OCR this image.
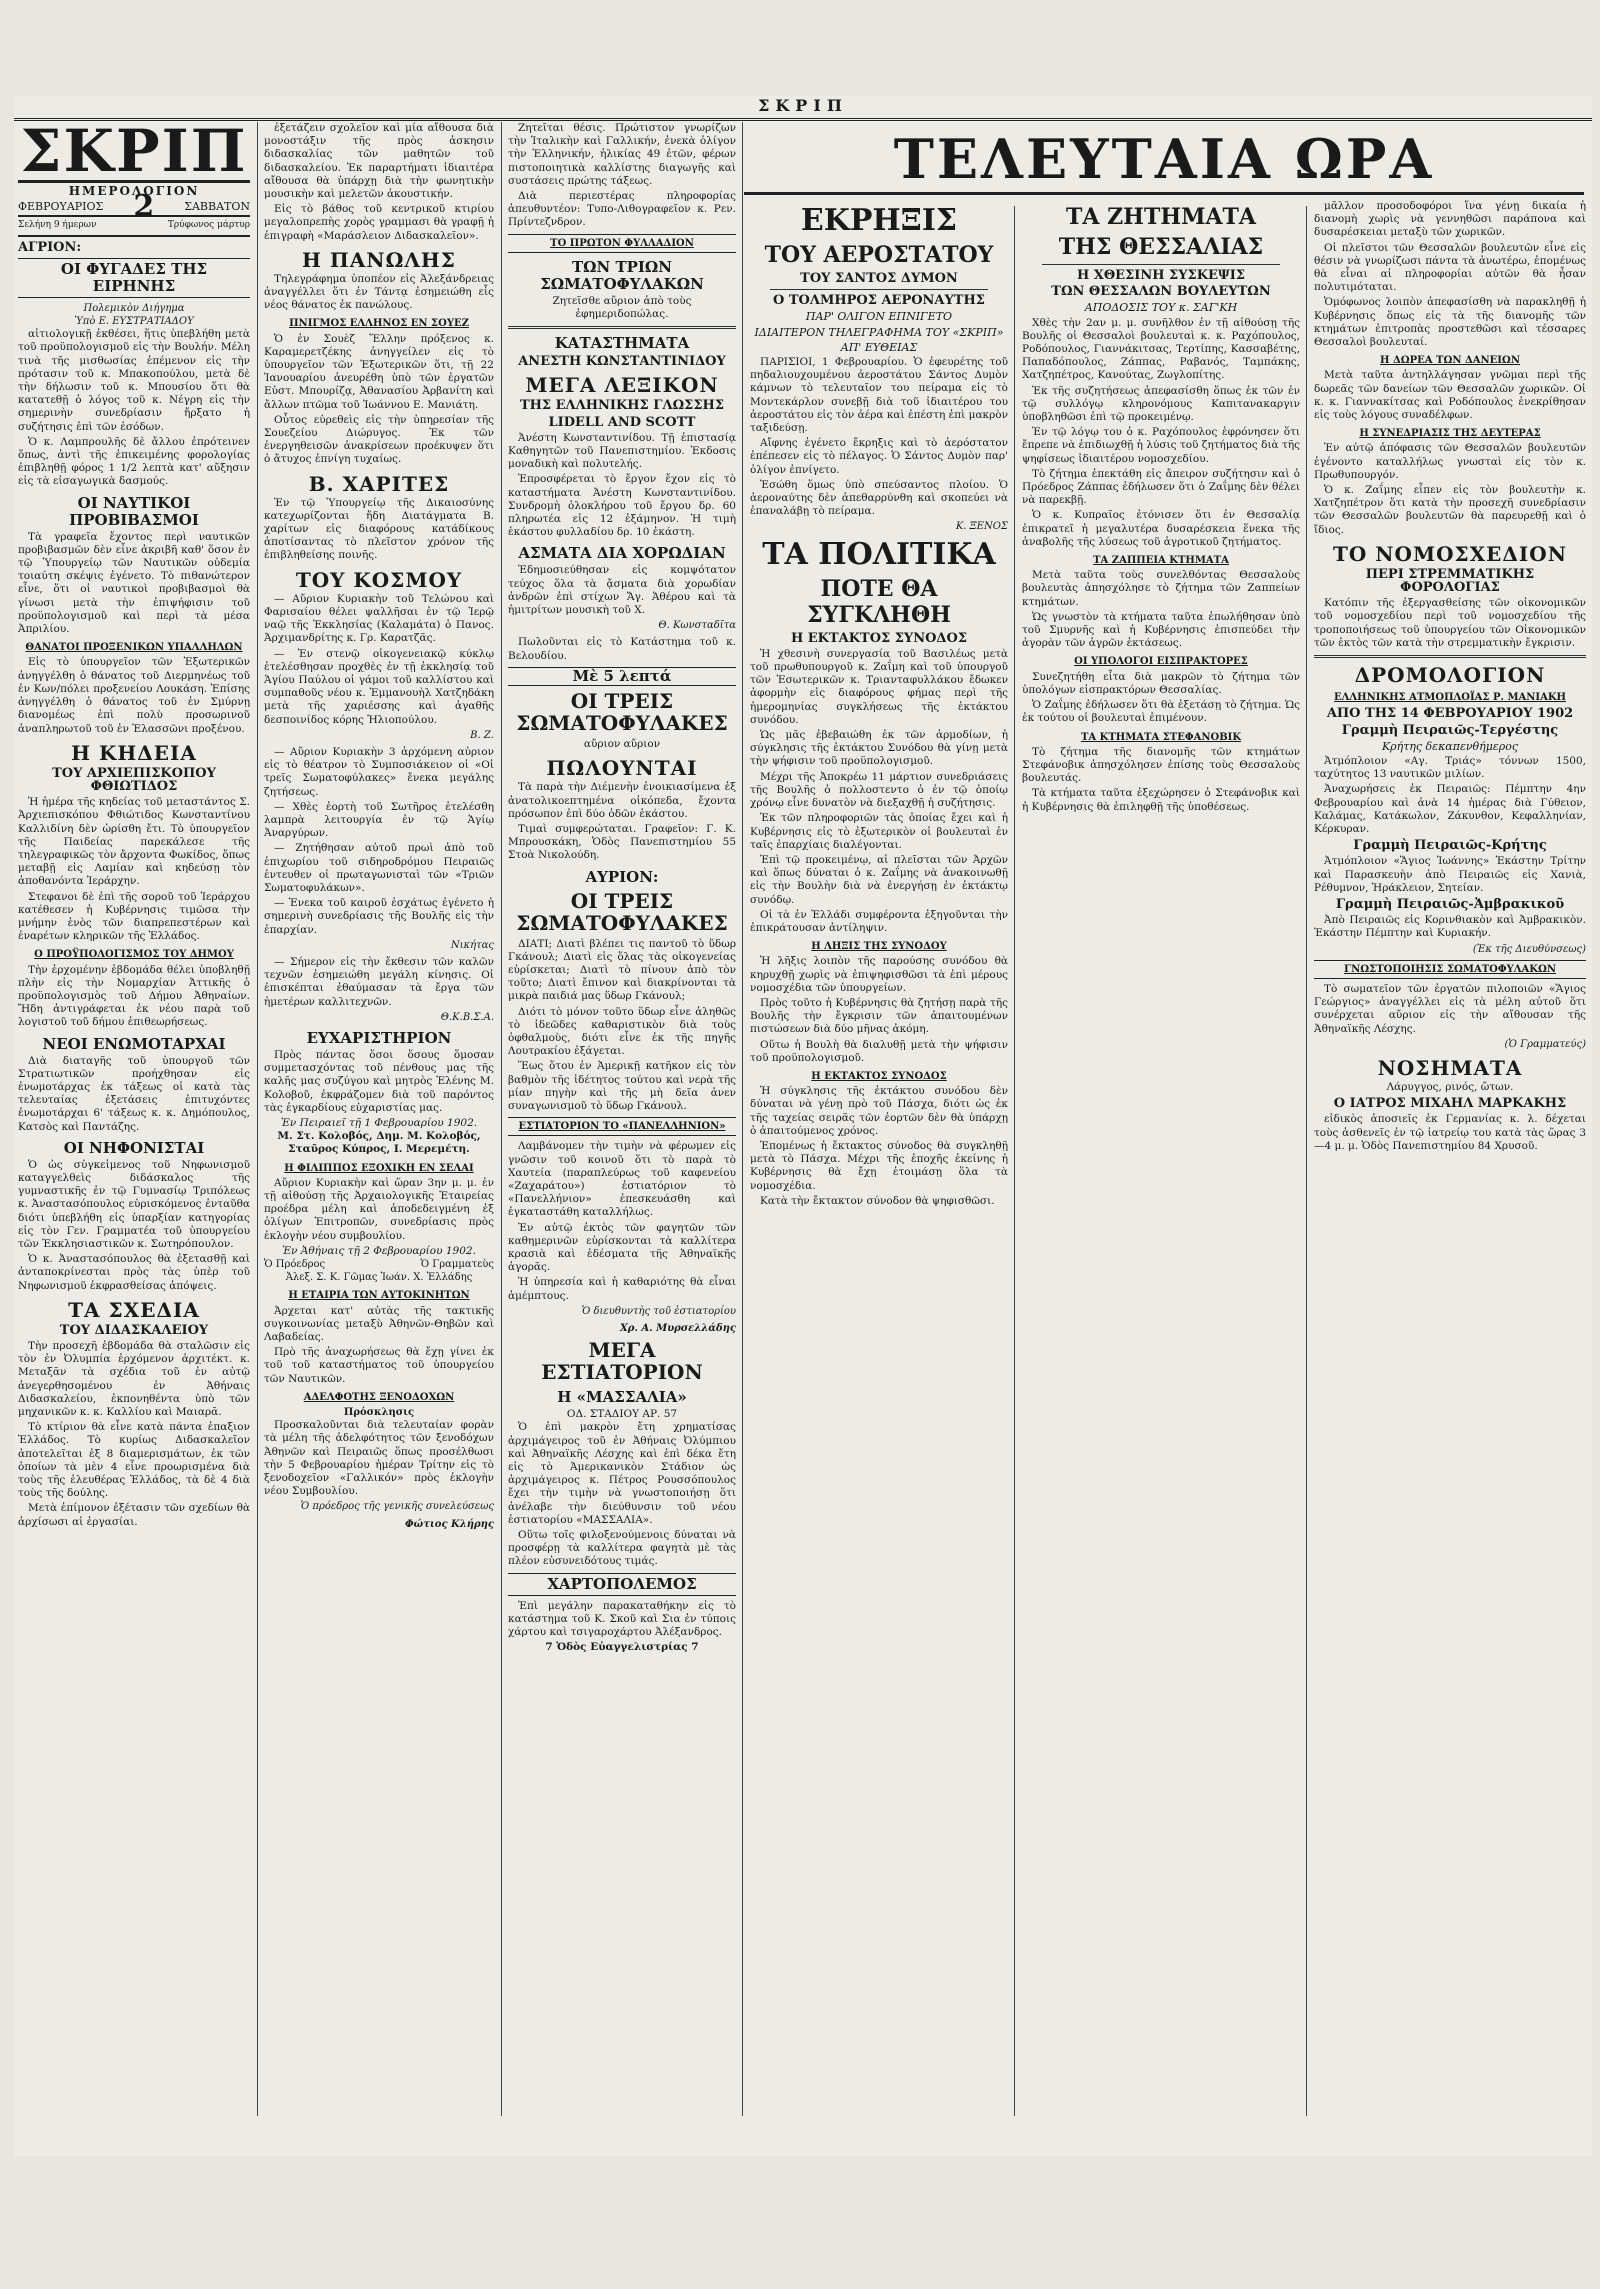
ΣΚΡΙΠ
ΣΚΡΙΠ
ΗΜΕΡΟΛΟΓΙΟΝ
ΦΕΒΡΟΥΑΡΙΟΣ 2	ΣΑΒΒΑΤΟΝ
Σελήνη 9 ήμερων	Τρύφωνος μάρτυρ
ΑΓΡΙΟΝ:
ΟΙ ΦΥΓΑΔΕΣ ΤΗΣ ΕΙΡΗΝΗΣ
Πολεμικὸν Διήγημα
Ὑπὸ Ε. ΕΥΣΤΡΑΤΙΑΔΟΥ

αἰτιολογικῇ ἐκθέσει, ἥτις ὑπεβλήθη μετὰ τοῦ προϋπολογισμοῦ εἰς τὴν Βουλήν. Μέλη τινὰ τῆς μισθωσίας ἐπέμενον εἰς τὴν πρότασιν τοῦ κ. Μπακοπούλου, μετὰ δὲ τὴν δήλωσιν τοῦ κ. Μπουσίου ὅτι θὰ κατατεθῇ ὁ λόγος τοῦ κ. Νέγρη εἰς τὴν σημερινὴν συνεδρίασιν ἤρξατο ἡ συζήτησις ἐπὶ τῶν ἐσόδων.

Ὁ κ. Λαμπρουλῆς δὲ ἄλλου ἐπρότεινεν ὅπως, ἀντὶ τῆς ἐπικειμένης φορολογίας ἐπιβληθῇ φόρος 1 1/2 λεπτὰ κατ' αὔξησιν εἰς τὰ εἰσαγωγικὰ δασμούς.

ΟΙ ΝΑΥΤΙΚΟΙ ΠΡΟΒΙΒΑΣΜΟΙ

Τὰ γραφεῖα ἔχοντος περὶ ναυτικῶν προβιβασμῶν δὲν εἶνε ἀκριβῆ καθ' ὅσον ἐν τῷ Ὑπουργείῳ τῶν Ναυτικῶν οὐδεμία τοιαύτη σκέψις ἐγένετο. Τὸ πιθανώτερον εἶνε, ὅτι οἱ ναυτικοὶ προβιβασμοὶ θὰ γίνωσι μετὰ τὴν ἐπιψήφισιν τοῦ προϋπολογισμοῦ καὶ περὶ τὰ μέσα Ἀπριλίου.

ΘΑΝΑΤΟΙ ΠΡΟΞΕΝΙΚΩΝ ΥΠΑΛΛΗΛΩΝ

Εἰς τὸ ὑπουργεῖον τῶν Ἐξωτερικῶν ἀνηγγέλθη ὁ θάνατος τοῦ Διερμηνέως τοῦ ἐν Κων/πόλει προξενείου Λουκάση. Ἐπίσης ἀνηγγέλθη ὁ θάνατος τοῦ ἐν Σμύρνῃ διανομέως ἐπὶ πολὺ προσωρινοῦ ἀναπληρωτοῦ τοῦ ἐν Ἐλασσῶνι προξένου.

Η ΚΗΔΕΙΑ
ΤΟΥ ΑΡΧΙΕΠΙΣΚΟΠΟΥ ΦΘΙΩΤΙΔΟΣ

Ἡ ἡμέρα τῆς κηδείας τοῦ μεταστάντος Σ. Ἀρχιεπισκόπου Φθιώτιδος Κωνσταντίνου Καλλιδίνη δὲν ὡρίσθη ἔτι. Τὸ ὑπουργεῖον τῆς Παιδείας παρεκάλεσε τῆς τηλεγραφικῶς τὸν ἄρχοντα Φωκίδος, ὅπως μεταβῇ εἰς Λαμίαν καὶ κηδεύσῃ τὸν ἀποθανόντα Ἱεράρχην.

Στεφανοι δὲ ἐπὶ τῆς σοροῦ τοῦ Ἱεράρχου κατέθεσεν ἡ Κυβέρνησις τιμῶσα τὴν μνήμην ἑνὸς τῶν διαπρεπεστέρων καὶ ἐναρέτων κληρικῶν τῆς Ἑλλάδος.

Ο ΠΡΟΫΠΟΛΟΓΙΣΜΟΣ ΤΟΥ ΔΗΜΟΥ

Τὴν ἐρχομένην ἑβδομάδα θέλει ὑποβληθῇ πλὴν εἰς τὴν Νομαρχίαν Ἀττικῆς ὁ προϋπολογισμὸς τοῦ Δήμου Ἀθηναίων. Ἤδη ἀντιγράφεται ἐκ νέου παρὰ τοῦ λογιστοῦ τοῦ δήμου ἐπιθεωρήσεως.

ΝΕΟΙ ΕΝΩΜΟΤΑΡΧΑΙ

Διὰ διαταγῆς τοῦ ὑπουργοῦ τῶν Στρατιωτικῶν προήχθησαν εἰς ἐνωμοτάρχας ἐκ τάξεως οἱ κατὰ τὰς τελευταίας ἐξετάσεις ἐπιτυχόντες ἐνωμοτάρχαι 6' τάξεως κ. κ. Δημόπουλος, Κατσὸς καὶ Παντάζης.

ΟΙ ΝΗΦΟΝΙΣΤΑΙ

Ὁ ὡς σὑγκεἰμενος τοῦ Νηφωνισμοῦ καταγγελθεὶς διδάσκαλος τῆς γυμναστικῆς ἐν τῷ Γυμνασίῳ Τριπόλεως κ. Ἀναστασόπουλος εὑρισκόμενος ἐνταῦθα διότι ὑπεβλήθη εἰς ὑπαρξίαν κατηγορίας εἰς τὸν Γεν. Γραμματέα τοῦ ὑπουργείου τῶν Ἐκκλησιαστικῶν κ. Σωτηρόπουλον.

Ὁ κ. Ἀναστασόπουλος θὰ ἐξετασθῇ καὶ ἀνταποκρίνεσται πρὸς τὰς ὑπὲρ τοῦ Νηφωνισμοῦ ἐκφρασθείσας ἀπόψεις.

ΤΑ ΣΧΕΔΙΑ
ΤΟΥ ΔΙΔΑΣΚΑΛΕΙΟΥ

Τὴν προσεχῆ ἑβδομάδα θὰ σταλῶσιν εἰς τὸν ἐν Ὀλυμπία ἐρχόμενον ἀρχιτέκτ. κ. Μεταξᾶν τὰ σχέδια τοῦ ἐν αὐτῷ ἀνεγερθησομένου ἐν Ἀθήναις Διδασκαλείου, ἐκπονηθέντα ὑπὸ τῶν μηχανικῶν κ. κ. Καλλίου καὶ Μαιαρᾶ.

Τὸ κτίριον θὰ εἶνε κατὰ πάντα ἐπαξιον Ἐλλάδος. Τὸ κυρίως Διδασκαλεῖον ἀποτελεῖται ἐξ 8 διαμερισμάτων, ἐκ τῶν ὁποίων τὰ μὲν 4 εἶνε προωρισμένα διὰ τοὺς τῆς ἐλευθέρας Ἑλλάδος, τὰ δὲ 4 διὰ τοὺς τῆς δούλης.

Μετὰ ἐπίμονον ἐξέτασιν τῶν σχεδίων θὰ ἀρχίσωσι αἱ ἐργασίαι.

ἐξετάζειν σχολεῖον καὶ μία αἴθουσα διὰ μονοστάξιν τῆς πρὸς ἀσκησιν διδασκαλίας τῶν μαθητῶν τοῦ διδασκαλείου. Ἐκ παραρτήματι ἰδιαιτέρα αἴθουσα θὰ ὑπάρχῃ διὰ τὴν φωνητικὴν μουσικὴν καὶ μελετῶν ἀκουστικήν.

Εἰς τὸ βάθος τοῦ κεντρικοῦ κτιρίου μεγαλοπρεπὴς χορὸς γραμμασι θὰ γραφῇ ἡ ἐπιγραφὴ «Μαράσλειον Διδασκαλεῖον».

Η ΠΑΝΩΛΗΣ

Τηλεγράφημα ὑποπέον εἰς Ἀλεξάνδρειας ἀναγγέλλει ὅτι ἐν Τάντᾳ ἐσημειώθη εἷς νέος θάνατος ἐκ πανώλους.

ΠΝΙΓΜΟΣ ΕΛΛΗΝΟΣ ΕΝ ΣΟΥΕΖ

Ὁ ἐν Σουὲζ Ἕλλην πρόξενος κ. Καραμερετζέκης ἀνηγγείλεν εἰς τὸ ὑπουργεῖον τῶν Ἐξωτερικῶν ὅτι, τῇ 22 Ἰανουαρίου ἀνευρέθη ὑπὸ τῶν ἐργατῶν Εὐστ. Μπουρίζᾳ, Ἀθανασίου Ἀρβανίτη καὶ ἄλλων πτῶμα τοῦ Ἰωάννου Ε. Μανιάτη.

Οὗτος εὑρεθεὶς εἰς τὴν ὑπηρεσίαν τῆς Σουεζείου Διώρυγος. Ἐκ τῶν ἐνεργηθεισῶν ἀνακρίσεων προέκυψεν ὅτι ὁ ἄτυχος ἐπνίγη τυχαίως.

Β. ΧΑΡΙΤΕΣ

Ἐν τῷ Ὑπουργείῳ τῆς Δικαιοσύνης κατεχωρίζονται ἤδη Διατάγματα Β. χαρίτων εἰς διαφόρους κατάδίκους ἀποτίσαντας τὸ πλεῖστον χρόνον τῆς ἐπιβληθείσης ποινῆς.

ΤΟΥ ΚΟΣΜΟΥ

— Αὔριον Κυριακὴν τοῦ Τελώνου καὶ Φαρισαίου θέλει ψαλλῆσαι ἐν τῷ Ἱερῷ ναῷ τῆς Ἐκκλησίας (Καλαμάτα) ὁ Πανος. Ἀρχιμανδρίτης κ. Γρ. Καρατζᾶς.

— Ἐν στενῷ οἰκογενειακῷ κύκλῳ ἐτελέσθησαν προχθὲς ἐν τῇ ἐκκλησίᾳ τοῦ Ἁγίου Παύλου οἱ γάμοι τοῦ καλλίστου καὶ συμπαθοῦς νέου κ. Ἐμμανουὴλ Χατζηδάκη μετὰ τῆς χαριέσσης καὶ ἀγαθῆς δεσποινίδος κόρης Ἠλιοπούλου.

Β. Ζ.

— Αὔριον Κυριακὴν 3 ἀρχόμενη αὐριον εἰς τὸ θέατρον τὸ Συμποσιάκειον οἱ «Οἱ τρεῖς Σωματοφύλακες» ἔνεκα μεγάλης ζητήσεως.

— Χθὲς ἐορτὴ τοῦ Σωτῆρος ἐτελέσθη λαμπρὰ λειτουργία ἐν τῷ Ἁγίῳ Ἀναργύρων.

— Ζητήθησαν αὐτοῦ πρωὶ ἀπὸ τοῦ ἐπιχωρίου τοῦ σιδηροδρόμου Πειραιῶς ἐντευθεν οἱ πρωταγωνισταὶ τῶν «Τριῶν Σωματοφυλάκων».

— Ἐνεκα τοῦ καιροῦ ἐσχάτως ἐγένετο ἡ σημερινὴ συνεδρίασις τῆς Βουλῆς εἰς τὴν ἐπαρχίαν.

Νικήτας

— Σήμερον εἰς τὴν ἔκθεσιν τῶν καλῶν τεχνῶν ἐσημειώθη μεγάλη κίνησις. Οἱ ἐπισκέπται ἐθαύμασαν τὰ ἔργα τῶν ἡμετέρων καλλιτεχνῶν.

Θ.Κ.Β.Σ.Α.
ΕΥΧΑΡΙΣΤΗΡΙΟΝ

Πρὸς πάντας ὅσοι ὅσους ὅμοσαν συμμετασχόντας τοῦ πένθους μας τῆς καλῆς μας συζύγου καὶ μητρὸς Ἑλένης Μ. Κολοβοῦ, ἐκφράζομεν διὰ τοῦ παρόντος τὰς ἐγκαρδίους εὐχαριστίας μας.

Ἐν Πειραιεῖ τῇ 1 Φεβρουαρίου 1902.
Μ. Στ. Κολοβός, Δημ. Μ. Κολοβός, Σταῦρος Κύπρος, I. Μερεμέτη.
Η ΦΙΛΙΠΠΟΣ ΕΞΟΧΙΚΗ ΕΝ ΣΕΛΑΙ

Αὔριον Κυριακὴν καὶ ὥραν 3ην μ. μ. ἐν τῇ αἰθούσῃ τῆς Ἀρχαιολογικῆς Ἑταιρείας προέδρα μέλη καὶ ἀποδεδειγμένη ἐξ ὀλίγων Ἐπιτροπῶν, συνεδρίασις πρὸς ἐκλογὴν νέου συμβουλίου.

Ἐν Ἀθήναις τῇ 2 Φεβρουαρίου 1902.
Ὁ Πρόεδρος	Ὁ Γραμματεὺς
Ἀλεξ. Σ. Κ. Γῶμας Ἰωάν. Χ. Ἐλλάδης
Η ΕΤΑΙΡΙΑ ΤΩΝ ΑΥΤΟΚΙΝΗΤΩΝ

Ἀρχεται κατ' αὐτὰς τῆς τακτικῆς συγκοινωνίας μεταξὺ Ἀθηνῶν-Θηβῶν καὶ Λαβαδείας.

Πρὸ τῆς ἀναχωρήσεως θὰ ἔχῃ γίνει ἐκ τοῦ τοῦ καταστήματος τοῦ ὑπουργείου τῶν Ναυτικῶν.

ΑΔΕΛΦΟΤΗΣ ΞΕΝΟΔΟΧΩΝ
Πρόσκλησις

Προσκαλοῦνται διὰ τελευταίαν φορὰν τὰ μέλη τῆς ἀδελφότητος τῶν ξενοδόχων Ἀθηνῶν καὶ Πειραιῶς ὅπως προσέλθωσι τὴν 5 Φεβρουαρίου ἡμέραν Τρίτην εἰς τὸ ξενοδοχεῖον «Γαλλικόν» πρὸς ἐκλογὴν νέου Συμβουλίου.

Ὁ πρόεδρος τῆς γενικῆς συνελεύσεως
Φώτιος Κλήρης

Ζητεῖται θέσις. Πρώτιστον γνωρίζων τὴν Ἰταλικὴν καὶ Γαλλικήν, ἐνεκὰ ὀλίγον τὴν Ἑλληνικήν, ἡλικίας 49 ἐτῶν, φέρων πιστοποιητικὰ καλλίστης διαγωγῆς καὶ συστάσεις πρώτης τάξεως.

Διὰ περιεστέρας πληροφορίας ἀπευθυντέον: Τυπο-Λιθογραφεῖον κ. Ρεν. Πρίντεζνδρον.

ΤΟ ΠΡΩΤΟΝ ΦΥΛΛΑΔΙΟΝ
ΤΩΝ ΤΡΙΩΝ ΣΩΜΑΤΟΦΥΛΑΚΩΝ
Ζητεῖσθε αὔριον ἀπὸ τοὺς ἐφημεριδοπώλας.
ΚΑΤΑΣΤΗΜΑΤΑ
ΑΝΕΣΤΗ ΚΩΝΣΤΑΝΤΙΝΙΔΟΥ
ΜΕΓΑ ΛΕΞΙΚΟΝ
ΤΗΣ ΕΛΛΗΝΙΚΗΣ ΓΛΩΣΣΗΣ
LIDELL AND SCOTT

Ἀνέστη Κωνσταντινίδου. Τῇ ἐπιστασίᾳ Καθηγητῶν τοῦ Πανεπιστημίου. Ἐκδοσις μοναδικὴ καὶ πολυτελής.

Ἐπροσφέρεται τὸ ἔργον ἔχον εἰς τὸ καταστήματα Ἀνέστη Κωνσταντινίδου. Συνδρομὴ ὁλοκλήρου τοῦ ἔργου δρ. 60 πληρωτέα εἰς 12 ἑξάμηνον. Ἡ τιμὴ ἑκάστου φυλλαδίου δρ. 10 ἐκάστη.

ΑΣΜΑΤΑ ΔΙΑ ΧΟΡΩΔΙΑΝ

Ἐδημοσιεύθησαν εἰς κομψότατον τεύχος ὅλα τὰ ᾄσματα διὰ χορωδίαν ἀνδρῶν ἐπὶ στίχων Ἄγ. Ἁθέρου καὶ τὰ ἡμιτρίτων μουσικὴ τοῦ Χ.

Θ. Κωνσταδῖτα

Πωλοῦνται εἰς τὸ Κατάστημα τοῦ κ. Βελουδίου.

Μὲ 5 λεπτά
ΟΙ ΤΡΕΙΣ ΣΩΜΑΤΟΦΥΛΑΚΕΣ
αὔριον αὔριον
ΠΩΛΟΥΝΤΑΙ

Τὰ παρὰ τὴν Διέμενὴν ἐνοικιασίμενα ἐξ ἀνατολικοεπτημένα οἰκόπεδα, ἔχοντα πρόσωπον ἐπὶ δύο ὁδῶν ἑκάστου.

Τιμαὶ συμφερώταται. Γραφεῖον: Γ. Κ. Μπρουσκάκη, Ὁδὸς Πανεπιστημίου 55 Στοὰ Νικολούδη.

ΑΥΡΙΟΝ:
ΟΙ ΤΡΕΙΣ ΣΩΜΑΤΟΦΥΛΑΚΕΣ

ΔΙΑΤΙ; Διατὶ βλέπει τις παντοῦ τὸ ὕδωρ Γκάνουλ; Διατὶ εἰς ὅλας τὰς οἰκογενείας εὑρίσκεται; Διατὶ τὸ πίνουν ἀπὸ τὸν τοῦτο; Διατὶ ἔπινον καὶ διακρίνονται τὰ μικρὰ παιδιά μας ὕδωρ Γκάνουλ;

Διότι τὸ μόνον τοῦτο ὕδωρ εἶνε ἀληθῶς τὸ ἰδεῶδες καθαριστικὸν διὰ τοὺς ὀφθαλμοὺς, διότι εἶνε ἐκ τῆς πηγῆς Λουτρακίου ἐξάγεται.

Ἕως ὅτου ἐν Ἀμερικῇ κατῆκον εἰς τὸν βαθμὸν τῆς ἰδέτητος τούτου καὶ νερὰ τῆς μίαν πηγὴν καὶ τῆς μὴ δεῖα ἀνεν συναγωνισμοῦ τὸ ὕδωρ Γκάνουλ.

ΕΣΤΙΑΤΟΡΙΟΝ ΤΟ «ΠΑΝΕΛΛΗΝΙΟΝ»

Λαμβάνομεν τὴν τιμὴν νὰ φέρωμεν εἰς γνῶσιν τοῦ κοινοῦ ὅτι τὸ παρὰ τὸ Χαυτεία (παραπλεύρως τοῦ καφενείου «Ζαχαράτου») ἑστιατόριον τὸ «Πανελλήνιον» ἐπεσκευάσθη καὶ ἐγκαταστάθη καταλλήλως.

Ἐν αὐτῷ ἐκτὸς τῶν φαγητῶν τῶν καθημερινῶν εὑρίσκονται τὰ καλλίτερα κρασιὰ καὶ ἐδέσματα τῆς Ἀθηναϊκῆς ἀγορᾶς.

Ἡ ὑπηρεσία καὶ ἡ καθαριότης θὰ εἶναι ἀμέμπτους.

Ὁ διευθυντὴς τοῦ ἑστιατορίου
Χρ. Α. Μυρσελλάδης
ΜΕΓΑ ΕΣΤΙΑΤΟΡΙΟΝ
Η «ΜΑΣΣΑΛΙΑ»
ΟΔ. ΣΤΑΔΙΟΥ ΑΡ. 57

Ὁ ἐπὶ μακρὸν ἔτη χρηματίσας ἀρχιμάγειρος τοῦ ἐν Ἀθήναις Ὀλύμπιου καὶ Ἀθηναϊκῆς Λέσχης καὶ ἐπὶ δέκα ἔτη εἰς τὸ Ἀμερικανικὸν Στάδιον ὡς ἀρχιμάγειρος κ. Πέτρος Ρουσσόπουλος ἔχει τὴν τιμὴν νὰ γνωστοποιήσῃ ὅτι ἀνέλαβε τὴν διεύθυνσιν τοῦ νέου ἑστιατορίου «ΜΑΣΣΑΛΙΑ».

Οὕτω τοῖς φιλοξενούμενοις δύναται νὰ προσφέρῃ τὰ καλλίτερα φαγητὰ μὲ τὰς πλέον εὐσυνειδότους τιμάς.

ΧΑΡΤΟΠΟΛΕΜΟΣ

Ἐπὶ μεγάλην παρακαταθήκην εἰς τὸ κατάστημα τοῦ Κ. Σκοῦ καὶ Σια ἐν τύποις χάρτου καὶ τσιγαροχάρτου Ἀλέξανδρος.

7 Ὁδὸς Εὐαγγελιστρίας 7
ΤΕΛΕΥΤΑΙΑ ΩΡΑ
ΕΚΡΗΞΙΣ
ΤΟΥ ΑΕΡΟΣΤΑΤΟΥ
ΤΟΥ ΣΑΝΤΟΣ ΔΥΜΟΝ
Ο ΤΟΛΜΗΡΟΣ ΑΕΡΟΝΑΥΤΗΣ
ΠΑΡ' ΟΛΙΓΟΝ ΕΠΝΙΓΕΤΟ
ΙΔΙΑΙΤΕΡΟΝ ΤΗΛΕΓΡΑΦΗΜΑ ΤΟΥ «ΣΚΡΙΠ»
ΑΠ' ΕΥΘΕΙΑΣ

ΠΑΡΙΣΙΟΙ, 1 Φεβρουαρίου. Ὁ ἐφευρέτης τοῦ πηδαλιουχουμένου ἀεροστάτου Σάντος Δυμὸν κάμνων τὸ τελευταῖον του πείραμα εἰς τὸ Μοντεκάρλον συνεβῇ διὰ τοῦ ἰδιαιτέρου του ἀεροστάτου εἰς τὸν ἀέρα καὶ ἐπέστη ἐπὶ μακρὸν ταξιδεύσῃ.

Αἴφνης ἐγένετο ἔκρηξις καὶ τὸ ἀερόστατον ἐπέπεσεν εἰς τὸ πέλαγος. Ὁ Σάντος Δυμὸν παρ' ὀλίγον ἐπνίγετο.

Ἐσώθη ὅμως ὑπὸ σπεύσαντος πλοίου. Ὁ ἀεροναύτης δὲν ἀπεθαρρύνθη καὶ σκοπεύει νὰ ἐπαναλάβῃ τὸ πείραμα.

Κ. ΞΕΝΟΣ
ΤΑ ΠΟΛΙΤΙΚΑ
ΠΟΤΕ ΘΑ ΣΥΓΚΛΗΘΗ
Η ΕΚΤΑΚΤΟΣ ΣΥΝΟΔΟΣ

Ἡ χθεσινὴ συνεργασία τοῦ Βασιλέως μετὰ τοῦ πρωθυπουργοῦ κ. Ζαΐμη καὶ τοῦ ὑπουργοῦ τῶν Ἐσωτερικῶν κ. Τριανταφυλλάκου ἔδωκεν ἀφορμὴν εἰς διαφόρους φήμας περὶ τῆς ἡμερομηνίας συγκλήσεως τῆς ἐκτάκτου συνόδου.

Ὡς μᾶς ἐβεβαιώθη ἐκ τῶν ἀρμοδίων, ἡ σύγκλησις τῆς ἐκτάκτου Συνόδου θὰ γίνῃ μετὰ τὴν ψήφισιν τοῦ προϋπολογισμοῦ.

Μέχρι τῆς Ἀποκρέω 11 μάρτιον συνεδριάσεις τῆς Βουλῆς ὁ πολλοστεντο ὁ ἐν τῷ ὁποίῳ χρόνῳ εἶνε δυνατὸν νὰ διεξαχθῇ ἡ συζήτησις.

Ἐκ τῶν πληροφοριῶν τὰς ὁποίας ἔχει καὶ ἡ Κυβέρνησις εἰς τὸ ἐξωτερικὸν οἱ βουλευταὶ ἐν ταῖς ἐπαρχίαις διαλέγονται.

Ἐπὶ τῷ προκειμένῳ, αἱ πλεῖσται τῶν Ἀρχῶν καὶ ὅπως δύναται ὁ κ. Ζαΐμης νὰ ἀνακοινωθῇ εἰς τὴν Βουλὴν διὰ νὰ ἐνεργήσῃ ἐν ἐκτάκτῳ συνόδῳ.

Οἱ τὰ ἐν Ἑλλάδι συμφέροντα ἐξηγοῦνται τὴν ἐπικράτουσαν ἀντίληψιν.

Η ΛΗΞΙΣ ΤΗΣ ΣΥΝΟΔΟΥ

Ἡ λῆξις λοιπὸν τῆς παρούσης συνόδου θὰ κηρυχθῇ χωρὶς νὰ ἐπιψηφισθῶσι τὰ ἐπὶ μέρους νομοσχέδια τῶν ὑπουργείων.

Πρὸς τοῦτο ἡ Κυβέρνησις θὰ ζητήσῃ παρὰ τῆς Βουλῆς τὴν ἔγκρισιν τῶν ἀπαιτουμένων πιστώσεων διὰ δύο μῆνας ἀκόμη.

Οὕτω ἡ Βουλὴ θὰ διαλυθῇ μετὰ τὴν ψήφισιν τοῦ προϋπολογισμοῦ.

Η ΕΚΤΑΚΤΟΣ ΣΥΝΟΔΟΣ

Ἡ σύγκλησις τῆς ἐκτάκτου συνόδου δὲν δύναται νὰ γένῃ πρὸ τοῦ Πάσχα, διότι ὡς ἐκ τῆς ταχείας σειρᾶς τῶν ἐορτῶν δὲν θὰ ὑπάρχῃ ὁ ἀπαιτούμενος χρόνος.

Ἐπομένως ἡ ἔκτακτος σύνοδος θὰ συγκληθῇ μετὰ τὸ Πάσχα. Μέχρι τῆς ἐποχῆς ἐκείνης ἡ Κυβέρνησις θὰ ἔχῃ ἑτοιμάσῃ ὅλα τὰ νομοσχέδια.

Κατὰ τὴν ἔκτακτον σύνοδον θὰ ψηφισθῶσι.

ΤΑ ΖΗΤΗΜΑΤΑ
ΤΗΣ ΘΕΣΣΑΛΙΑΣ
Η ΧΘΕΣΙΝΗ ΣΥΣΚΕΨΙΣ
ΤΩΝ ΘΕΣΣΑΛΩΝ ΒΟΥΛΕΥΤΩΝ
ΑΠΟΔΟΣΙΣ ΤΟΥ κ. ΣΑΓ'ΚΗ

Χθὲς τὴν 2αν μ. μ. συνῆλθον ἐν τῇ αἰθούσῃ τῆς Βουλῆς οἱ Θεσσαλοὶ βουλευταὶ κ. κ. Ραχόπουλος, Ροδόπουλος, Γιαννάκιτσας, Τερτίπης, Κασσαβέτης, Παπαδόπουλος, Ζάππας, Ραβανός, Ταμπάκης, Χατζηπέτρος, Κανούτας, Ζωγλοπίτης.

Ἐκ τῆς συζητήσεως ἀπεφασίσθη ὅπως ἐκ τῶν ἐν τῷ συλλόγῳ κληρονόμους Καπιτανακαργιν ὑποβληθῶσι ἐπὶ τῷ προκειμένῳ.

Ἐν τῷ λόγῳ του ὁ κ. Ραχόπουλος ἐφρόνησεν ὅτι ἔπρεπε νὰ ἐπιδιωχθῇ ἡ λύσις τοῦ ζητήματος διὰ τῆς ψηφίσεως ἰδιαιτέρου νομοσχεδίου.

Τὸ ζήτημα ἐπεκτάθη εἰς ἄπειρον συζήτησιν καὶ ὁ Πρόεδρος Ζάππας ἐδήλωσεν ὅτι ὁ Ζαΐμης δὲν θέλει νὰ παρεκβῇ.

Ὁ κ. Κυπραῖος ἐτόνισεν ὅτι ἐν Θεσσαλίᾳ ἐπικρατεῖ ἡ μεγαλυτέρα δυσαρέσκεια ἕνεκα τῆς ἀναβολῆς τῆς λύσεως τοῦ ἀγροτικοῦ ζητήματος.

ΤΑ ΖΑΠΠΕΙΑ ΚΤΗΜΑΤΑ

Μετὰ ταῦτα τοὺς συνελθόντας Θεσσαλοὺς βουλευτὰς ἀπησχόλησε τὸ ζήτημα τῶν Ζαππείων κτημάτων.

Ὡς γνωστὸν τὰ κτήματα ταῦτα ἐπωλήθησαν ὑπὸ τοῦ Σμυρνῆς καὶ ἡ Κυβέρνησις ἐπισπεύδει τὴν ἀγορὰν τῶν ἀγρῶν ἐκτάσεως.

ΟΙ ΥΠΟΛΟΓΟΙ ΕΙΣΠΡΑΚΤΟΡΕΣ

Συνεζητήθη εἶτα διὰ μακρῶν τὸ ζήτημα τῶν ὑπολόγων εἰσπρακτόρων Θεσσαλίας.

Ὁ Ζαΐμης ἐδήλωσεν ὅτι θὰ ἐξετάσῃ τὸ ζήτημα. Ὡς ἐκ τούτου οἱ βουλευταὶ ἐπιμένουν.

ΤΑ ΚΤΗΜΑΤΑ ΣΤΕΦΑΝΟΒΙΚ

Τὸ ζήτημα τῆς διανομῆς τῶν κτημάτων Στεφάνοβικ ἀπησχόλησεν ἐπίσης τοὺς Θεσσαλοὺς βουλευτάς.

Τὰ κτήματα ταῦτα ἐξεχώρησεν ὁ Στεφάνοβικ καὶ ἡ Κυβέρνησις θὰ ἐπιληφθῇ τῆς ὑποθέσεως.

μᾶλλον προσοδοφόροι ἵνα γένῃ δικαία ἡ διανομὴ χωρὶς νὰ γεννηθῶσι παράπονα καὶ δυσαρέσκειαι μεταξὺ τῶν χωρικῶν.

Οἱ πλεῖστοι τῶν Θεσσαλῶν βουλευτῶν εἶνε εἰς θέσιν νὰ γνωρίζωσι πάντα τὰ ἀνωτέρω, ἐπομένως θὰ εἶναι αἱ πληροφορίαι αὐτῶν θὰ ἦσαν πολυτιμόταται.

Ὁμόφωνος λοιπὸν ἀπεφασίσθη νὰ παρακληθῇ ἡ Κυβέρνησις ὅπως εἰς τὰ τῆς διανομῆς τῶν κτημάτων ἐπιτροπὰς προστεθῶσι καὶ τέσσαρες Θεσσαλοὶ βουλευταί.

Η ΔΩΡΕΑ ΤΩΝ ΔΑΝΕΙΩΝ

Μετὰ ταῦτα ἀντηλλάγησαν γνῶμαι περὶ τῆς δωρεᾶς τῶν δανείων τῶν Θεσσαλῶν χωρικῶν. Οἱ κ. κ. Γιαννακίτσας καὶ Ροδόπουλος ἐνεκρίθησαν εἰς τοὺς λόγους συναδέλφων.

Η ΣΥΝΕΔΡΙΑΣΙΣ ΤΗΣ ΔΕΥΤΕΡΑΣ

Ἐν αὐτῷ ἀπόφασις τῶν Θεσσαλῶν βουλευτῶν ἐγένοντο καταλλήλως γνωσταὶ εἰς τὸν κ. Πρωθυπουργόν.

Ὁ κ. Ζαΐμης εἶπεν εἰς τὸν βουλευτὴν κ. Χατζηπέτρον ὅτι κατὰ τὴν προσεχῆ συνεδρίασιν τῶν Θεσσαλῶν βουλευτῶν θὰ παρευρεθῇ καὶ ὁ ἴδιος.

ΤΟ ΝΟΜΟΣΧΕΔΙΟΝ
ΠΕΡΙ ΣΤΡΕΜΜΑΤΙΚΗΣ ΦΟΡΟΛΟΓΙΑΣ

Κατόπιν τῆς ἐξεργασθείσης τῶν οἰκονομικῶν τοῦ νομοσχεδίου περὶ τοῦ νομοσχεδίου τῆς τροποποιήσεως τοῦ ὑπουργείου τῶν Οἰκονομικῶν τῶν ἐκτὸς τῶν κατὰ τὴν στρεμματικὴν ἔγκρισιν.

ΔΡΟΜΟΛΟΓΙΟΝ
ΕΛΛΗΝΙΚΗΣ ΑΤΜΟΠΛΟΪΑΣ Ρ. ΜΑΝΙΑΚΗ
ΑΠΟ ΤΗΣ 14 ΦΕΒΡΟΥΑΡΙΟΥ 1902
Γραμμὴ Πειραιῶς-Τεργέστης
Κρήτης δεκαπενθήμερος

Ἀτμόπλοιον «Αγ. Τριάς» τόννων 1500, ταχύτητος 13 ναυτικῶν μιλίων.

Ἀναχωρήσεις ἐκ Πειραιῶς: Πέμπτην 4ην Φεβρουαρίου καὶ ἀνὰ 14 ἡμέρας διὰ Γύθειον, Καλάμας, Κατάκωλον, Ζάκυνθον, Κεφαλληνίαν, Κέρκυραν.

Γραμμὴ Πειραιῶς-Κρήτης

Ἀτμόπλοιον «Ἅγιος Ἰωάννης» Ἐκάστην Τρίτην καὶ Παρασκευὴν ἀπὸ Πειραιῶς εἰς Χανιὰ, Ρέθυμνον, Ἡράκλειον, Σητείαν.

Γραμμὴ Πειραιῶς-Ἀμβρακικοῦ

Ἀπὸ Πειραιῶς εἰς Κορινθιακὸν καὶ Ἀμβρακικὸν. Ἐκάστην Πέμπτην καὶ Κυριακήν.

(Ἐκ τῆς Διευθύνσεως)
ΓΝΩΣΤΟΠΟΙΗΣΙΣ ΣΩΜΑΤΟΦΥΛΑΚΩΝ

Τὸ σωματεῖον τῶν ἐργατῶν πιλοποιῶν «Ἅγιος Γεώργιος» ἀναγγέλλει εἰς τὰ μέλη αὐτοῦ ὅτι συνέρχεται αὔριον εἰς τὴν αἴθουσαν τῆς Ἀθηναϊκῆς Λέσχης.

(Ὁ Γραμματεύς)
ΝΟΣΗΜΑΤΑ
Λάρυγγος, ρινός, ὤτων.
Ο ΙΑΤΡΟΣ ΜΙΧΑΗΛ ΜΑΡΚΑΚΗΣ

εἰδικὸς ἀποσιεῖς ἐκ Γερμανίας κ. λ. δέχεται τοὺς ἀσθενεῖς ἐν τῷ ἰατρείῳ του κατὰ τὰς ὥρας 3—4 μ. μ. Ὁδὸς Πανεπιστημίου 84 Χρυσοῦ.
